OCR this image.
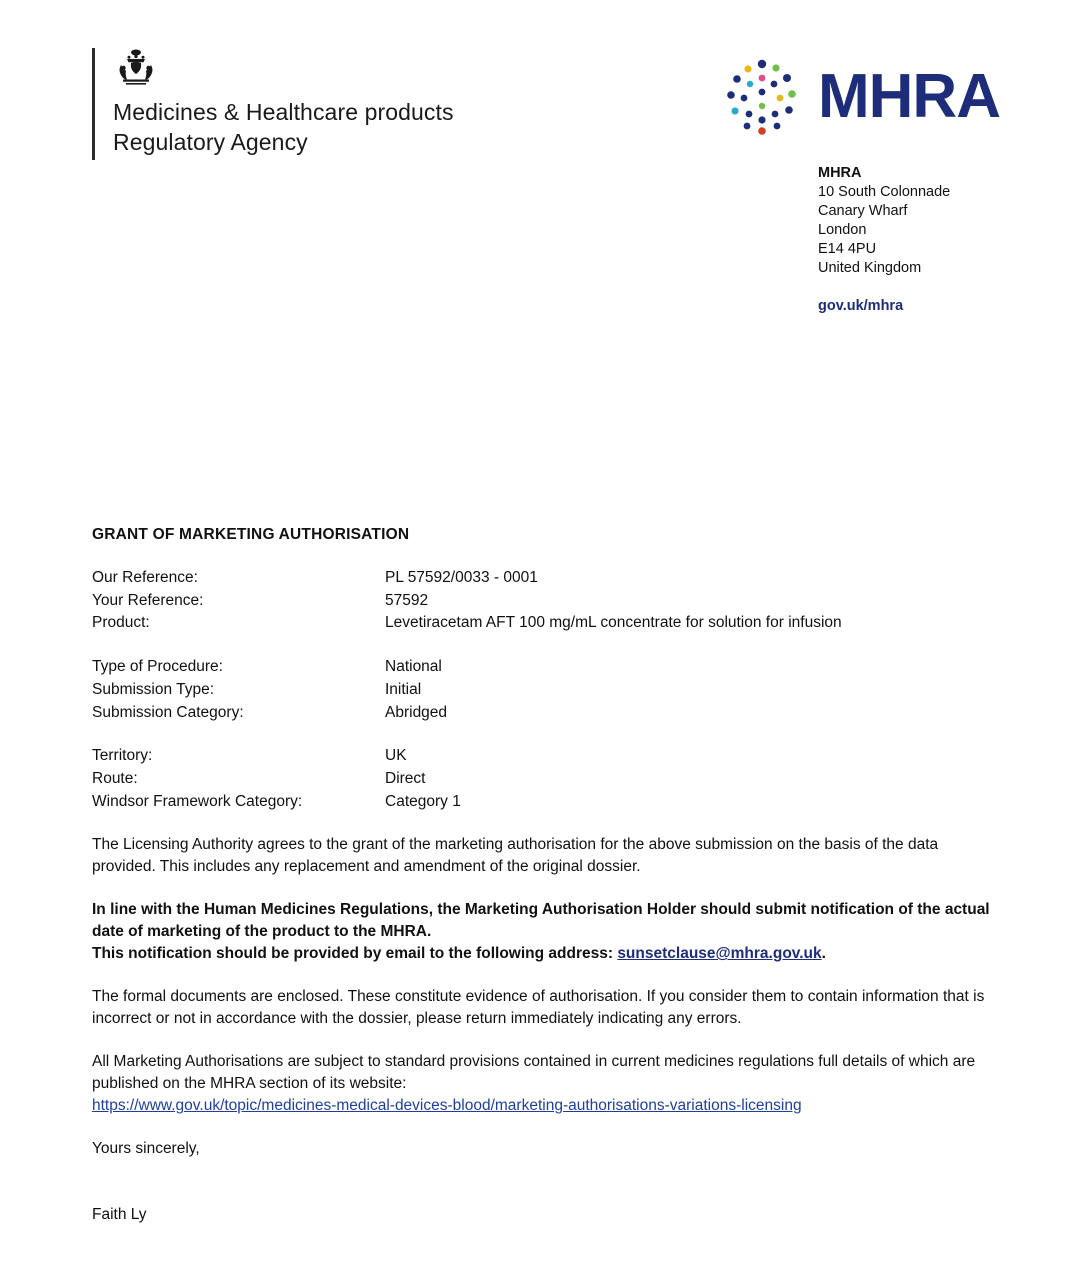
Medicines & Healthcare products
Regulatory Agency
MHRA
MHRA
10 South Colonnade
Canary Wharf
London
E14 4PU
United Kingdom
gov.uk/mhra
GRANT OF MARKETING AUTHORISATION
Our Reference:	PL 57592/0033 - 0001
Your Reference:	57592
Product:	Levetiracetam AFT 100 mg/mL concentrate for solution for infusion
Type of Procedure:	National
Submission Type:	Initial
Submission Category:	Abridged
Territory:	UK
Route:	Direct
Windsor Framework Category:	Category 1
The Licensing Authority agrees to the grant of the marketing authorisation for the above submission on the basis of the data provided. This includes any replacement and amendment of the original dossier.
In line with the Human Medicines Regulations, the Marketing Authorisation Holder should submit notification of the actual date of marketing of the product to the MHRA.
This notification should be provided by email to the following address: sunsetclause@mhra.gov.uk.
The formal documents are enclosed. These constitute evidence of authorisation. If you consider them to contain information that is incorrect or not in accordance with the dossier, please return immediately indicating any errors.
All Marketing Authorisations are subject to standard provisions contained in current medicines regulations full details of which are published on the MHRA section of its website:
https://www.gov.uk/topic/medicines-medical-devices-blood/marketing-authorisations-variations-licensing
Yours sincerely,
Faith Ly
